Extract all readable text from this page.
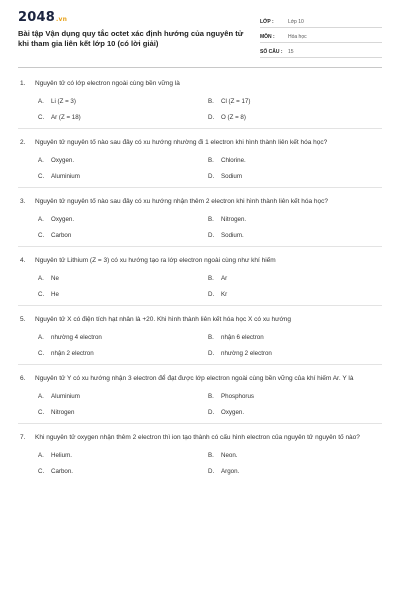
2048.vn
Bài tập Vận dụng quy tắc octet xác định hướng của nguyên tử khi tham gia liên kết lớp 10 (có lời giải)
LỚP :	Lớp 10
MÔN :	Hóa học
SỐ CÂU :	15
1.	Nguyên tử có lớp electron ngoài cùng bền vững là
A.	Li (Z = 3)	B.	Cl (Z = 17)
C.	Ar (Z = 18)	D.	O (Z = 8)
2.	Nguyên tử nguyên tố nào sau đây có xu hướng nhường đi 1 electron khi hình thành liên kết hóa học?
A.	Oxygen.	B.	Chlorine.
C.	Aluminium	D.	Sodium
3.	Nguyên tử nguyên tố nào sau đây có xu hướng nhận thêm 2 electron khi hình thành liên kết hóa học?
A.	Oxygen.	B.	Nitrogen.
C.	Carbon	D.	Sodium.
4.	Nguyên tử Lithium (Z = 3) có xu hướng tạo ra lớp electron ngoài cùng như khí hiếm
A.	Ne	B.	Ar
C.	He	D.	Kr
5.	Nguyên tử X có điện tích hạt nhân là +20. Khi hình thành liên kết hóa học X có xu hướng
A.	nhường 4 electron	B.	nhận 6 electron
C.	nhận 2 electron	D.	nhường 2 electron
6.	Nguyên tử Y có xu hướng nhận 3 electron để đạt được lớp electron ngoài cùng bền vững của khí hiếm Ar. Y là
A.	Aluminium	B.	Phosphorus
C.	Nitrogen	D.	Oxygen.
7.	Khi nguyên tử oxygen nhận thêm 2 electron thì ion tạo thành có cấu hình electron của nguyên tử nguyên tố nào?
A.	Helium.	B.	Neon.
C.	Carbon.	D.	Argon.
